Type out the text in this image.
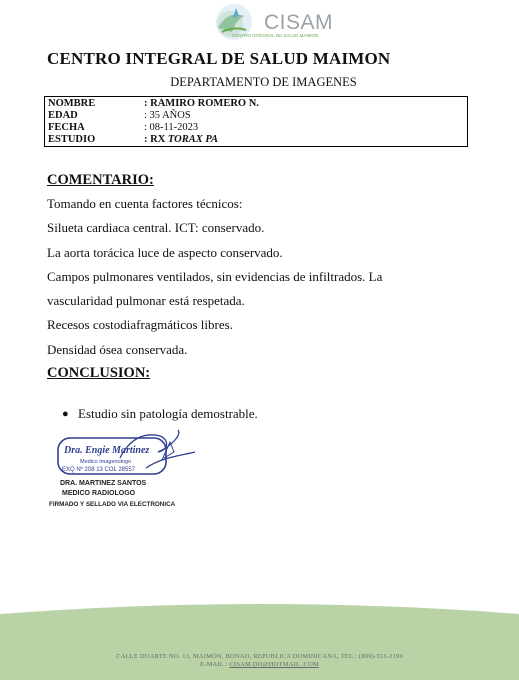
CISAM
CENTRO INTEGRAL DE SALUD MAIMON
CENTRO INTEGRAL DE SALUD MAIMON
DEPARTAMENTO DE IMAGENES
NOMBRE	: RAMIRO ROMERO N.
EDAD	: 35 AÑOS
FECHA	: 08-11-2023
ESTUDIO	: RX TORAX PA
COMENTARIO:
Tomando en cuenta factores técnicos:
Silueta cardiaca central. ICT: conservado.
La aorta torácica luce de aspecto conservado.
Campos pulmonares ventilados, sin evidencias de infiltrados. La
vascularidad pulmonar está respetada.
Recesos costodiafragmáticos libres.
Densidad ósea conservada.
CONCLUSION:
● Estudio sin patología demostrable.
Dra. Engie Martinez
Medico Imagenologo
EXQ Nº 208 13 COL 28557
DRA. MARTINEZ SANTOS
MEDICO RADIOLOGO
FIRMADO Y SELLADO VIA ELECTRONICA
CALLE DUARTE NO. 13, MAIMÓN, BONAO, REPUBLICA DOMINICANA, TEL.: (809)-551-2196
E-MAIL : CISAM.DO@HOTMAIL .COM
